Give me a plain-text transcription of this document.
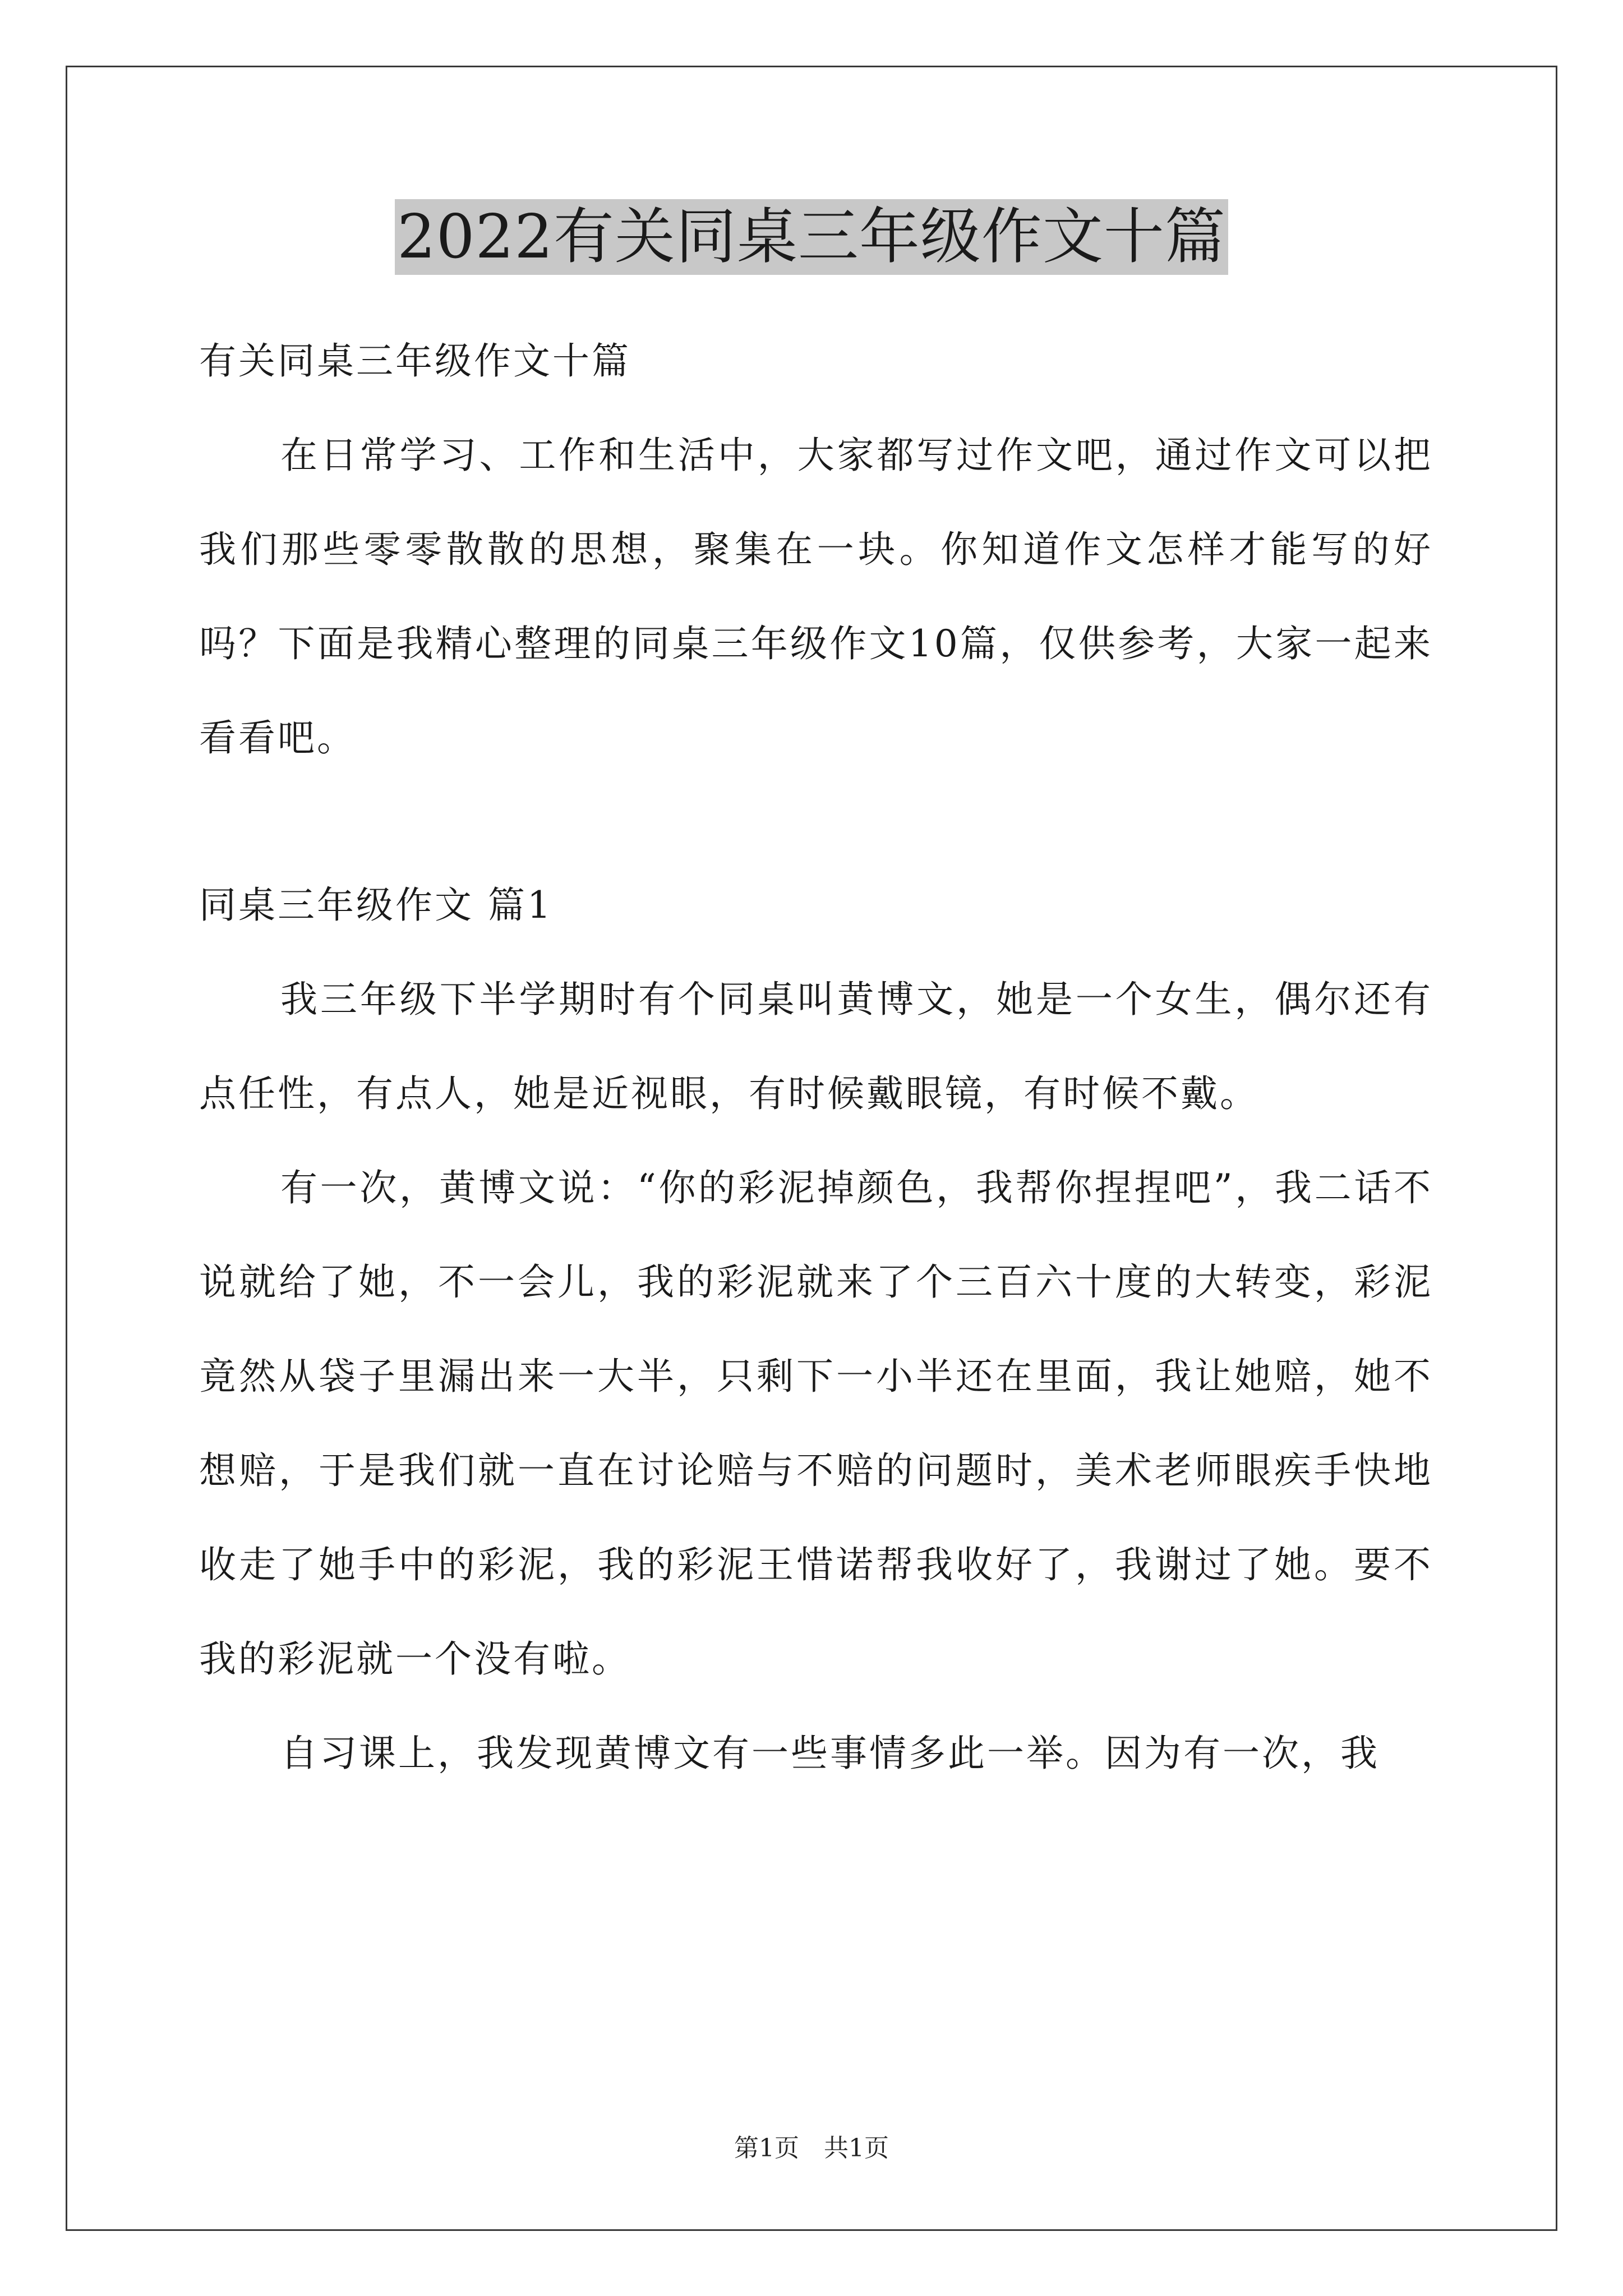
2022有关同桌三年级作文十篇
有关同桌三年级作文十篇

在日常学习、工作和生活中，大家都写过作文吧，通过作文可以把我们那些零零散散的思想，聚集在一块。你知道作文怎样才能写的好吗？下面是我精心整理的同桌三年级作文10篇，仅供参考，大家一起来看看吧。

同桌三年级作文 篇1

我三年级下半学期时有个同桌叫黄博文，她是一个女生，偶尔还有点任性，有点人，她是近视眼，有时候戴眼镜，有时候不戴。

有一次，黄博文说：“你的彩泥掉颜色，我帮你捏捏吧”，我二话不说就给了她，不一会儿，我的彩泥就来了个三百六十度的大转变，彩泥竟然从袋子里漏出来一大半，只剩下一小半还在里面，我让她赔，她不想赔，于是我们就一直在讨论赔与不赔的问题时，美术老师眼疾手快地收走了她手中的彩泥，我的彩泥王惜诺帮我收好了，我谢过了她。要不我的彩泥就一个没有啦。

自习课上，我发现黄博文有一些事情多此一举。因为有一次，我

第1页　共1页
